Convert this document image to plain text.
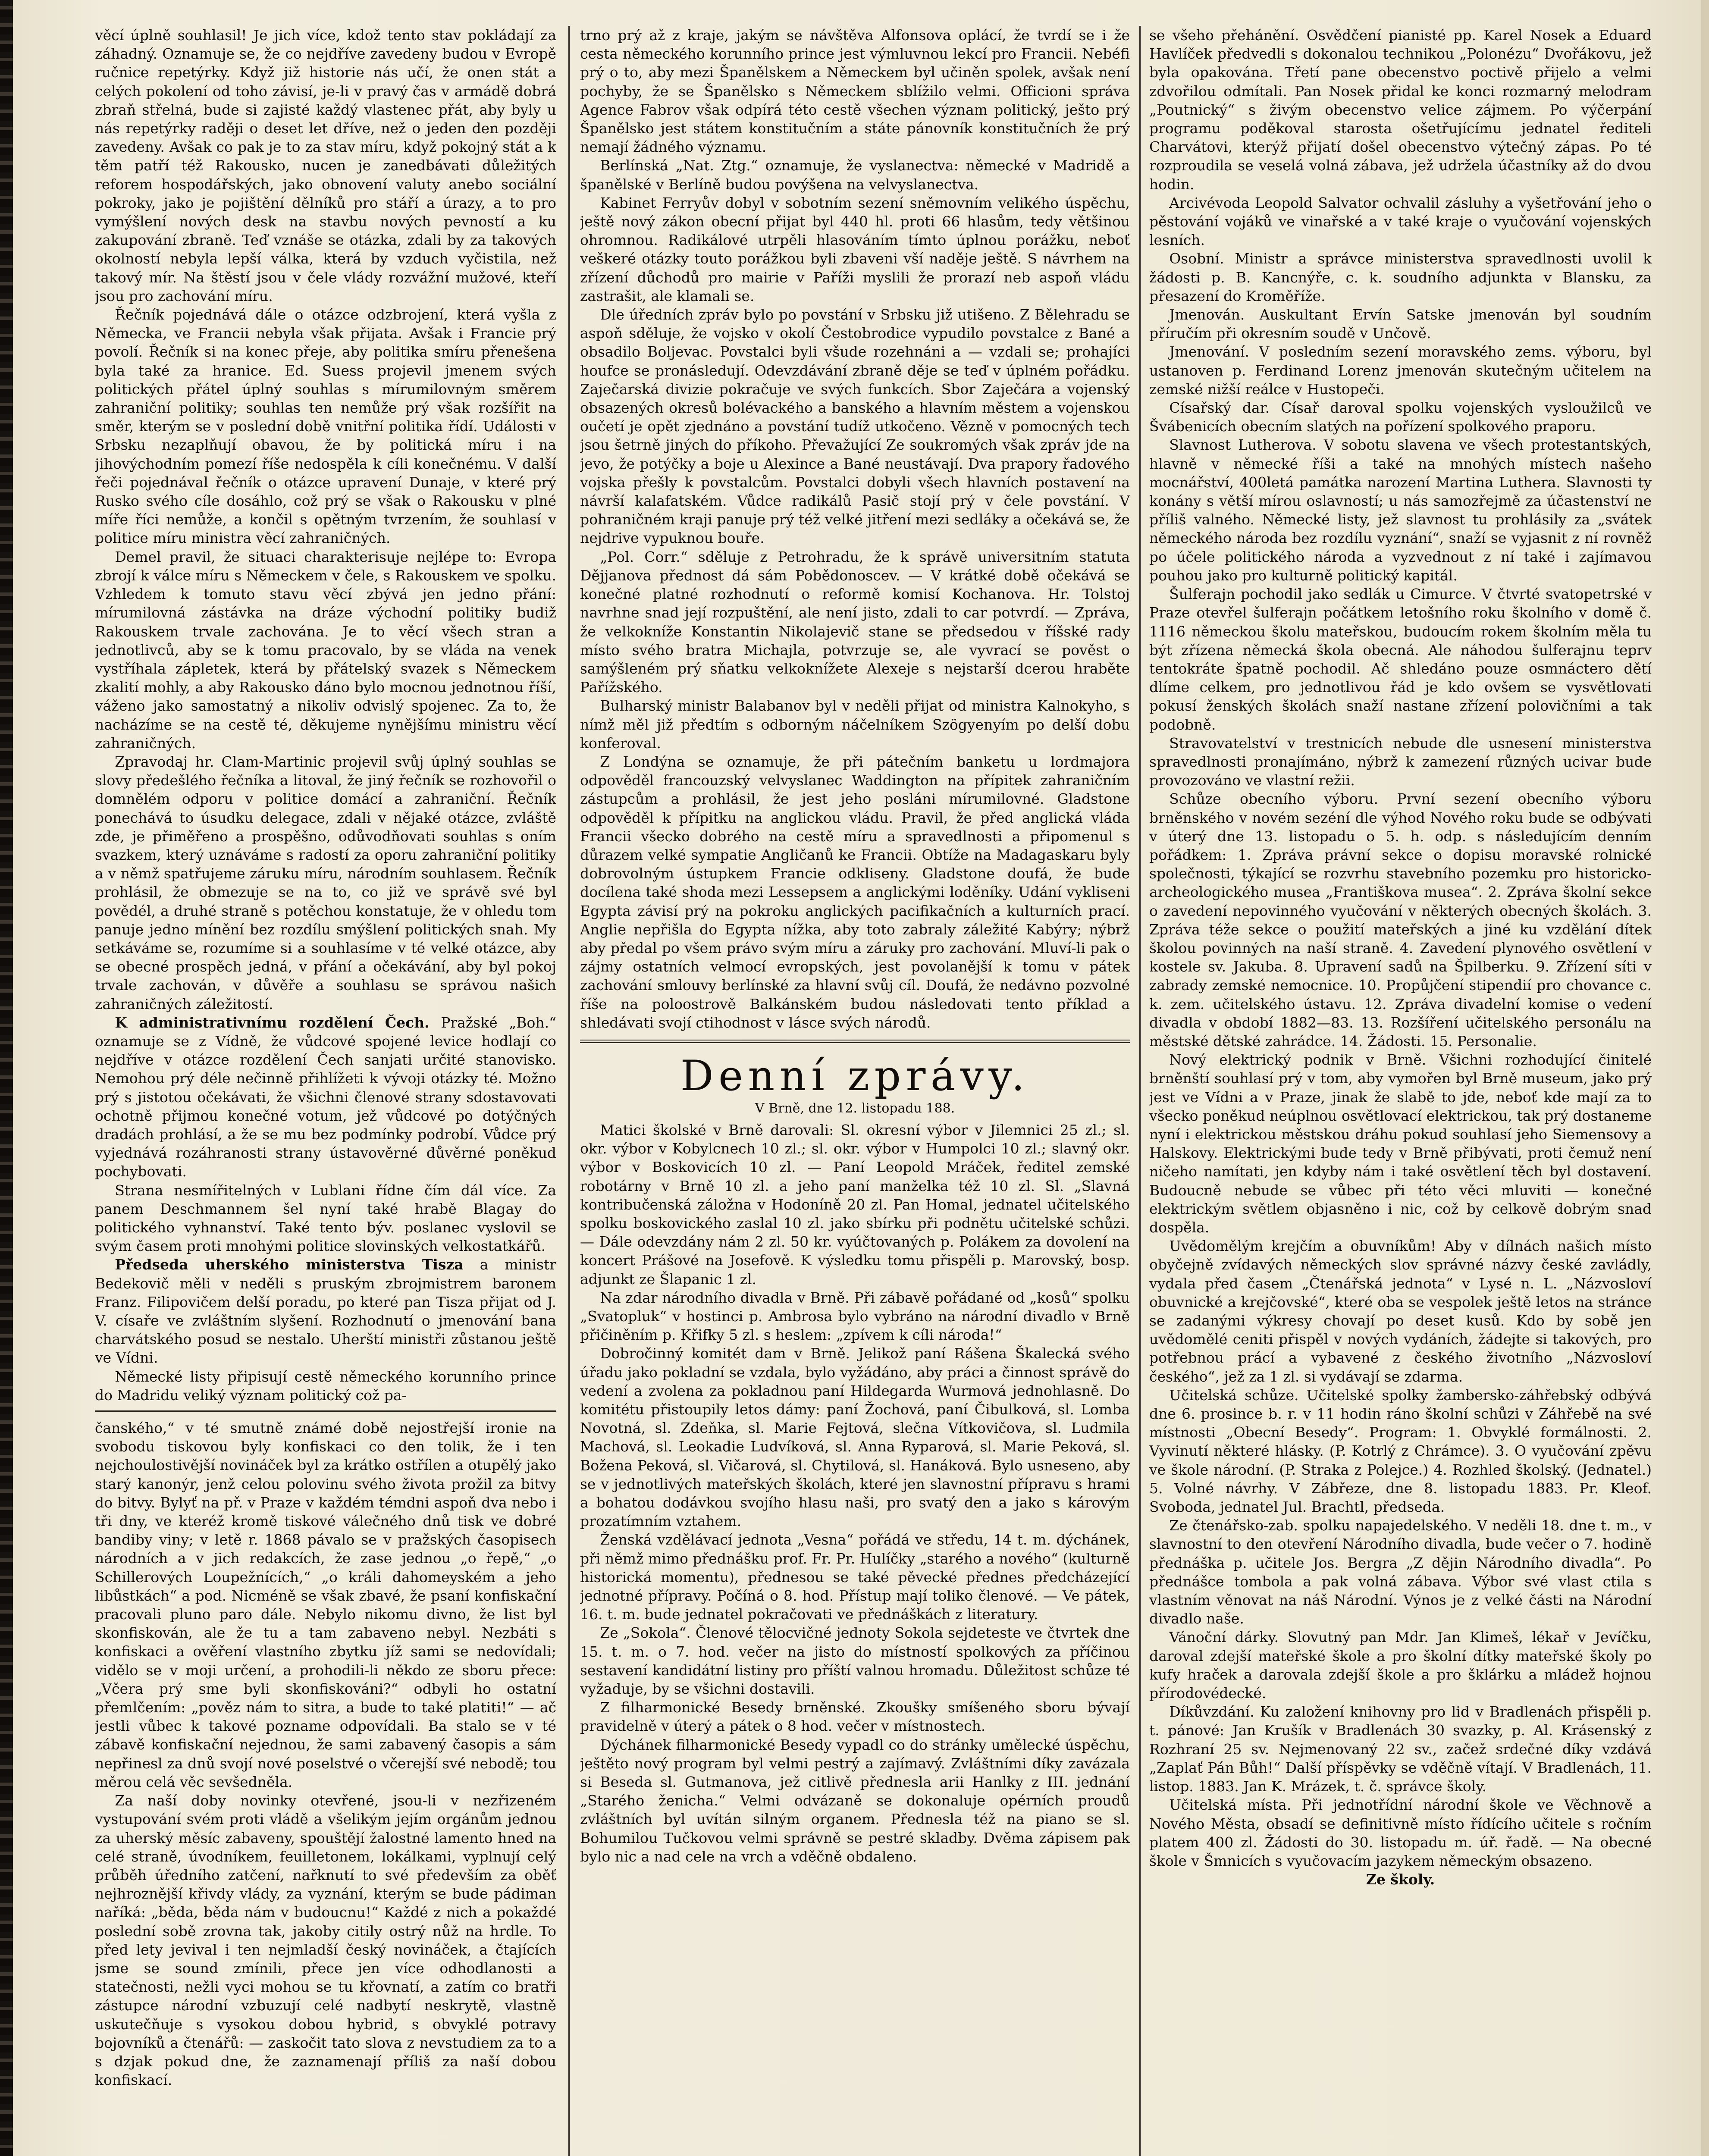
věcí úplně souhlasil! Je jich více, kdož tento stav pokládají za záhadný. Oznamuje se, že co nejdříve zavedeny budou v Evropě ručnice repetýrky. Když již historie nás učí, že onen stát a celých pokolení od toho závisí, je-li v pravý čas v armádě dobrá zbraň střelná, bude si zajisté každý vlastenec přát, aby byly u nás repetýrky raději o deset let dříve, než o jeden den později zavedeny. Avšak co pak je to za stav míru, když pokojný stát a k těm patří též Rakousko, nucen je zanedbávati důležitých reforem hospodářských, jako obnovení valuty anebo sociální pokroky, jako je pojištění dělníků pro stáří a úrazy, a to pro vymýšlení nových desk na stavbu nových pevností a ku zakupování zbraně. Teď vznáše se otázka, zdali by za takových okolností nebyla lepší válka, která by vzduch vyčistila, než takový mír. Na štěstí jsou v čele vlády rozvážní mužové, kteří jsou pro zachování míru.

Řečník pojednává dále o otázce odzbrojení, která vyšla z Německa, ve Francii nebyla však přijata. Avšak i Francie prý povolí. Řečník si na konec přeje, aby politika smíru přenešena byla také za hranice. Ed. Suess projevil jmenem svých politických přátel úplný souhlas s mírumilovným směrem zahraniční politiky; souhlas ten nemůže prý však rozšířit na směr, kterým se v poslední době vnitřní politika řídí. Události v Srbsku nezaplňují obavou, že by politická míru i na jihovýchodním pomezí říše nedospěla k cíli konečnému. V další řeči pojednával řečník o otázce upravení Dunaje, v které prý Rusko svého cíle dosáhlo, což prý se však o Rakousku v plné míře říci nemůže, a končil s opětným tvrzením, že souhlasí v politice míru ministra věcí zahraničných.

Demel pravil, že situaci charakterisuje nejlépe to: Evropa zbrojí k válce míru s Německem v čele, s Rakouskem ve spolku. Vzhledem k tomuto stavu věcí zbývá jen jedno přání: mírumilovná zástávka na dráze východní politiky budiž Rakouskem trvale zachována. Je to věcí všech stran a jednotlivců, aby se k tomu pracovalo, by se vláda na venek vystříhala zápletek, která by přátelský svazek s Německem zkalití mohly, a aby Rakousko dáno bylo mocnou jednotnou říší, váženo jako samostatný a nikoliv odvislý spojenec. Za to, že nacházíme se na cestě té, děkujeme nynějšímu ministru věcí zahraničných.

Zpravodaj hr. Clam-Martinic projevil svůj úplný souhlas se slovy předešlého řečníka a litoval, že jiný řečník se rozhovořil o domnělém odporu v politice domácí a zahraniční. Řečník ponechává to úsudku delegace, zdali v nějaké otázce, zvláště zde, je přiměřeno a prospěšno, odůvodňovati souhlas s oním svazkem, který uznáváme s radostí za oporu zahraniční politiky a v němž spatřujeme záruku míru, národním souhlasem. Řečník prohlásil, že obmezuje se na to, co již ve správě své byl povědél, a druhé straně s potěchou konstatuje, že v ohledu tom panuje jedno mínění bez rozdílu smýšlení politických snah. My setkáváme se, rozumíme si a souhlasíme v té velké otázce, aby se obecné prospěch jedná, v přání a očekávání, aby byl pokoj trvale zachován, v důvěře a souhlasu se správou našich zahraničných záležitostí.

K administrativnímu rozdělení Čech. Pražské „Boh.“ oznamuje se z Vídně, že vůdcové spojené levice hodlají co nejdříve v otázce rozdělení Čech sanjati určité stanovisko. Nemohou prý déle nečinně přihlížeti k vývoji otázky té. Možno prý s jistotou očekávati, že všichni členové strany sdostavovati ochotně přijmou konečné votum, jež vůdcové po dotýčných dradách prohlásí, a že se mu bez podmínky podrobí. Vůdce prý vyjednává rozáhranosti strany ústavověrné důvěrné poněkud pochybovati.

Strana nesmířitelných v Lublani řídne čím dál více. Za panem Deschmannem šel nyní také hrabě Blagay do politického vyhnanství. Také tento býv. poslanec vyslovil se svým časem proti mnohými politice slovinských velkostatkářů.

Předseda uherského ministerstva Tisza a ministr Bedekovič měli v neděli s pruským zbrojmistrem baronem Franz. Filipovičem delší poradu, po které pan Tisza přijat od J. V. císaře ve zvláštním slyšení. Rozhodnutí o jmenování bana charvátského posud se nestalo. Uherští ministři zůstanou ještě ve Vídni.

Německé listy připisují cestě německého korunního prince do Madridu veliký význam politický což pa-

čanského,“ v té smutně známé době nejostřejší ironie na svobodu tiskovou byly konfiskaci co den tolik, že i ten nejchoulostivější novináček byl za krátko ostřílen a otupělý jako starý kanonýr, jenž celou polovinu svého života prožil za bitvy do bitvy. Bylyť na př. v Praze v každém témdni aspoň dva nebo i tři dny, ve kteréž kromě tiskové válečného dnů tisk ve dobré bandiby viny; v letě r. 1868 pávalo se v pražských časopisech národních a v jich redakcích, že zase jednou „o řepě,“ „o Schillerových Loupežnících,“ „o králi dahomeyském a jeho libůstkách“ a pod. Nicméně se však zbavé, že psaní konfiskační pracovali pluno paro dále. Nebylo nikomu divno, že list byl skonfiskován, ale že tu a tam zabaveno nebyl. Nezbáti s konfiskaci a ověření vlastního zbytku jíž sami se nedovídali; vidělo se v moji určení, a prohodili-li někdo ze sboru přece: „Včera prý sme byli skonfiskováni?“ odbyli ho ostatní přemlčením: „pověz nám to sitra, a bude to také platiti!“ — ač jestli vůbec k takové pozname odpovídali. Ba stalo se v té zábavě konfiskační nejednou, že sami zabavený časopis a sám nepřinesl za dnů svojí nové poselstvé o včerejší své nebodě; tou měrou celá věc sevšedněla.

Za naší doby novinky otevřené, jsou-li v nezřizeném vystupování svém proti vládě a všelikým jejím orgánům jednou za uherský měsíc zabaveny, spouštějí žalostné lamento hned na celé straně, úvodníkem, feuilletonem, lokálkami, vyplnují celý průběh úředního zatčení, nařknutí to své především za oběť nejhroznější křivdy vlády, za vyznání, kterým se bude pádiman naříká: „běda, běda nám v budoucnu!“ Každé z nich a pokaždé poslední sobě zrovna tak, jakoby citily ostrý nůž na hrdle. To před lety jevival i ten nejmladší český novináček, a čtajících jsme se sound zmínili, přece jen více odhodlanosti a statečnosti, nežli vyci mohou se tu křovnatí, a zatím co bratři zástupce národní vzbuzují celé nadbytí neskrytě, vlastně uskutečňuje s vysokou dobou hybrid, s obvyklé potravy bojovníků a čtenářů: — zaskočit tato slova z nevstudiem za to a s dzjak pokud dne, že zaznamenají příliš za naší dobou konfiskací.

trno prý až z kraje, jakým se návštěva Alfonsova oplácí, že tvrdí se i že cesta německého korunního prince jest výmluvnou lekcí pro Francii. Nebéfi prý o to, aby mezi Španělskem a Německem byl učiněn spolek, avšak není pochyby, že se Španělsko s Německem sblížilo velmi. Officioni správa Agence Fabrov však odpírá této cestě všechen význam politický, ješto prý Španělsko jest státem konstitučním a státe pánovník konstitučních že prý nemají žádného významu.

Berlínská „Nat. Ztg.“ oznamuje, že vyslanectva: německé v Madridě a španělské v Berlíně budou povýšena na velvyslanectva.

Kabinet Ferryův dobyl v sobotním sezení sněmovním velikého úspěchu, ještě nový zákon obecní přijat byl 440 hl. proti 66 hlasům, tedy většinou ohromnou. Radikálové utrpěli hlasováním tímto úplnou porážku, neboť veškeré otázky touto porážkou byli zbaveni vší naděje ještě. S návrhem na zřízení důchodů pro mairie v Paříži myslili že prorazí neb aspoň vládu zastrašit, ale klamali se.

Dle úředních zpráv bylo po povstání v Srbsku již utišeno. Z Bělehradu se aspoň sděluje, že vojsko v okolí Čestobrodice vypudilo povstalce z Bané a obsadilo Boljevac. Povstalci byli všude rozehnáni a — vzdali se; prohajíci houfce se pronásledují. Odevzdávání zbraně děje se teď v úplném pořádku. Zaječarská divizie pokračuje ve svých funkcích. Sbor Zaječára a vojenský obsazených okresů bolévackého a banského a hlavním městem a vojenskou oučetí je opět zjednáno a povstání tudíž utkočeno. Vězně v pomocných tech jsou šetrně jiných do příkoho. Převažující Ze soukromých však zpráv jde na jevo, že potýčky a boje u Alexince a Bané neustávají. Dva prapory řadového vojska přešly k povstalcům. Povstalci dobyli všech hlavních postavení na návrší kalafatském. Vůdce radikálů Pasič stojí prý v čele povstání. V pohraničném kraji panuje prý též velké jitření mezi sedláky a očekává se, že nejdrive vypuknou bouře.

„Pol. Corr.“ sděluje z Petrohradu, že k správě universitním statuta Dějjanova přednost dá sám Pobědonoscev. — V krátké době očekává se konečné platné rozhodnutí o reformě komisí Kochanova. Hr. Tolstoj navrhne snad její rozpuštění, ale není jisto, zdali to car potvrdí. — Zpráva, že velkokníže Konstantin Nikolajevič stane se předsedou v říšské rady místo svého bratra Michajla, potvrzuje se, ale vyvrací se pověst o samýšleném prý sňatku velkoknížete Alexeje s nejstarší dcerou hraběte Pařížského.

Bulharský ministr Balabanov byl v neděli přijat od ministra Kalnokyho, s nímž měl již předtím s odborným náčelníkem Szögyenyím po delší dobu konferoval.

Z Londýna se oznamuje, že při pátečním banketu u lordmajora odpověděl francouzský velvyslanec Waddington na přípitek zahraničním zástupcům a prohlásil, že jest jeho posláni mírumilovné. Gladstone odpověděl k přípitku na anglickou vládu. Pravil, že před anglická vláda Francii všecko dobrého na cestě míru a spravedlnosti a připomenul s důrazem velké sympatie Angličanů ke Francii. Obtíže na Madagaskaru byly dobrovolným ústupkem Francie odkliseny. Gladstone doufá, že bude docílena také shoda mezi Lessepsem a anglickými loděníky. Udání vykliseni Egypta závisí prý na pokroku anglických pacifikačních a kulturních prací. Anglie nepřišla do Egypta nížka, aby toto zabraly záležité Kabýry; nýbrž aby předal po všem právo svým míru a záruky pro zachování. Mluví-li pak o zájmy ostatních velmocí evropských, jest povolanější k tomu v pátek zachování smlouvy berlínské za hlavní svůj cíl. Doufá, že nedávno pozvolné říše na poloostrově Balkánském budou následovati tento příklad a shledávati svojí ctihodnost v lásce svých národů.

Denní zprávy.
V Brně, dne 12. listopadu 188.

Matici školské v Brně darovali: Sl. okresní výbor v Jilemnici 25 zl.; sl. okr. výbor v Kobylcnech 10 zl.; sl. okr. výbor v Humpolci 10 zl.; slavný okr. výbor v Boskovicích 10 zl. — Paní Leopold Mráček, ředitel zemské robotárny v Brně 10 zl. a jeho paní manželka též 10 zl. Sl. „Slavná kontribučenská záložna v Hodoníně 20 zl. Pan Homal, jednatel učitelského spolku boskovického zaslal 10 zl. jako sbírku při podnětu učitelské schůzi. — Dále odevzdány nám 2 zl. 50 kr. vyúčtovaných p. Polákem za dovolení na koncert Prášové na Josefově. K výsledku tomu přispěli p. Marovský, bosp. adjunkt ze Šlapanic 1 zl.

Na zdar národního divadla v Brně. Při zábavě pořádané od „kosů“ spolku „Svatopluk“ v hostinci p. Ambrosa bylo vybráno na národní divadlo v Brně přičiněním p. Křifky 5 zl. s heslem: „zpívem k cíli národa!“

Dobročinný komitét dam v Brně. Jelikož paní Rášena Škalecká svého úřadu jako pokladní se vzdala, bylo vyžádáno, aby práci a činnost správě do vedení a zvolena za pokladnou paní Hildegarda Wurmová jednohlasně. Do komitétu přistoupily letos dámy: paní Žochová, paní Čibulková, sl. Lomba Novotná, sl. Zdeňka, sl. Marie Fejtová, slečna Vítkovičova, sl. Ludmila Machová, sl. Leokadie Ludvíková, sl. Anna Ryparová, sl. Marie Peková, sl. Božena Peková, sl. Vičarová, sl. Chytilová, sl. Hanáková. Bylo usneseno, aby se v jednotlivých mateřských školách, které jen slavnostní přípravu s hrami a bohatou dodávkou svojího hlasu naši, pro svatý den a jako s károvým prozatímním vztahem.

Ženská vzdělávací jednota „Vesna“ pořádá ve středu, 14 t. m. dýchánek, při němž mimo přednášku prof. Fr. Pr. Hulíčky „starého a nového“ (kulturně historická momentu), přednesou se také pěvecké přednes předcházející jednotné přípravy. Počíná o 8. hod. Přístup mají toliko členové. — Ve pátek, 16. t. m. bude jednatel pokračovati ve přednáškách z literatury.

Ze „Sokola“. Členové tělocvičné jednoty Sokola sejdeteste ve čtvrtek dne 15. t. m. o 7. hod. večer na jisto do místností spolkových za příčinou sestavení kandidátní listiny pro příští valnou hromadu. Důležitost schůze té vyžaduje, by se všichni dostavili.

Z filharmonické Besedy brněnské. Zkoušky smíšeného sboru bývají pravidelně v úterý a pátek o 8 hod. večer v místnostech.

Dýchánek filharmonické Besedy vypadl co do stránky umělecké úspěchu, ještěto nový program byl velmi pestrý a zajímavý. Zvláštními díky zavázala si Beseda sl. Gutmanova, jež citlivě přednesla arii Hanlky z III. jednání „Starého ženicha.“ Velmi odvázaně se dokonaluje opérních proudů zvláštních byl uvítán silným organem. Přednesla též na piano se sl. Bohumilou Tučkovou velmi správně se pestré skladby. Dvěma zápisem pak bylo nic a nad cele na vrch a vděčně obdaleno.

se všeho přehánění. Osvědčení pianisté pp. Karel Nosek a Eduard Havlíček předvedli s dokonalou technikou „Polonézu“ Dvořákovu, jež byla opakována. Třetí pane obecenstvo poctivě přijelo a velmi zdvořilou odmítali. Pan Nosek přidal ke konci rozmarný melodram „Poutnický“ s živým obecenstvo velice zájmem. Po výčerpání programu poděkoval starosta ošetřujícímu jednatel řediteli Charvátovi, kterýž přijatí došel obecenstvo výtečný zápas. Po té rozproudila se veselá volná zábava, jež udržela účastníky až do dvou hodin.

Arcivévoda Leopold Salvator ochvalil zásluhy a vyšetřování jeho o pěstování vojáků ve vinařské a v také kraje o vyučování vojenských lesních.

Osobní. Ministr a správce ministerstva spravedlnosti uvolil k žádosti p. B. Kancnýře, c. k. soudního adjunkta v Blansku, za přesazení do Kroměříže.

Jmenován. Auskultant Ervín Satske jmenován byl soudním příručím při okresním soudě v Unčově.

Jmenování. V posledním sezení moravského zems. výboru, byl ustanoven p. Ferdinand Lorenz jmenován skutečným učitelem na zemské nižší reálce v Hustopeči.

Císařský dar. Císař daroval spolku vojenských vysloužilců ve Švábenicích obecním slatých na pořízení spolkového praporu.

Slavnost Lutherova. V sobotu slavena ve všech protestantských, hlavně v německé říši a také na mnohých místech našeho mocnářství, 400letá památka narození Martina Luthera. Slavnosti ty konány s větší mírou oslavností; u nás samozřejmě za účastenství ne příliš valného. Německé listy, jež slavnost tu prohlásily za „svátek německého národa bez rozdílu vyznání“, snaží se vyjasnit z ní rovněž po účele politického národa a vyzvednout z ní také i zajímavou pouhou jako pro kulturně politický kapitál.

Šulferajn pochodil jako sedlák u Cimurce. V čtvrté svatopetrské v Praze otevřel šulferajn počátkem letošního roku školního v domě č. 1116 německou školu mateřskou, budoucím rokem školním měla tu být zřízena německá škola obecná. Ale náhodou šulferajnu teprv tentokráte špatně pochodil. Ač shledáno pouze osmnáctero dětí dlíme celkem, pro jednotlivou řád je kdo ovšem se vysvětlovati pokusí ženských školách snaží nastane zřízení polovičními a tak podobně.

Stravovatelství v trestnicích nebude dle usnesení ministerstva spravedlnosti pronajímáno, nýbrž k zamezení různých ucivar bude provozováno ve vlastní režii.

Schůze obecního výboru. První sezení obecního výboru brněnského v novém sezéní dle výhod Nového roku bude se odbývati v úterý dne 13. listopadu o 5. h. odp. s následujícím denním pořádkem: 1. Zpráva právní sekce o dopisu moravské rolnické společnosti, týkající se rozvrhu stavebního pozemku pro historicko-archeologického musea „Františkova musea“. 2. Zpráva školní sekce o zavedení nepovinného vyučování v některých obecných školách. 3. Zpráva téže sekce o použití mateřských a jiné ku vzdělání dítek školou povinných na naší straně. 4. Zavedení plynového osvětlení v kostele sv. Jakuba. 8. Upravení sadů na Špilberku. 9. Zřízení síti v zabrady zemské nemocnice. 10. Propůjčení stipendií pro chovance c. k. zem. učitelského ústavu. 12. Zpráva divadelní komise o vedení divadla v období 1882—83. 13. Rozšíření učitelského personálu na městské dětské zahrádce. 14. Žádosti. 15. Personalie.

Nový elektrický podnik v Brně. Všichni rozhodující činitelé brněnští souhlasí prý v tom, aby vymořen byl Brně museum, jako prý jest ve Vídni a v Praze, jinak že slabě to jde, neboť kde mají za to všecko poněkud neúplnou osvětlovací elektrickou, tak prý dostaneme nyní i elektrickou městskou dráhu pokud souhlasí jeho Siemensovy a Halskovy. Elektrickými bude tedy v Brně přibývati, proti čemuž není ničeho namítati, jen kdyby nám i také osvětlení těch byl dostavení. Budoucně nebude se vůbec při této věci mluviti — konečné elektrickým světlem objasněno i nic, což by celkově dobrým snad dospěla.

Uvědomělým krejčím a obuvníkům! Aby v dílnách našich místo obyčejně zvídavých německých slov správné názvy české zavládly, vydala před časem „Čtenářská jednota“ v Lysé n. L. „Názvosloví obuvnické a krejčovské“, které oba se vespolek ještě letos na stránce se zadanými výkresy chovají po deset kusů. Kdo by sobě jen uvědomělé ceniti přispěl v nových vydáních, žádejte si takových, pro potřebnou prácí a vybavené z českého životního „Názvosloví českého“, jež za 1 zl. si vydávají se zdarma.

Učitelská schůze. Učitelské spolky žambersko-záhřebský odbývá dne 6. prosince b. r. v 11 hodin ráno školní schůzi v Záhřebě na své místnosti „Obecní Besedy“. Program: 1. Obvyklé formálnosti. 2. Vyvinutí některé hlásky. (P. Kotrlý z Chrámce). 3. O vyučování zpěvu ve škole národní. (P. Straka z Polejce.) 4. Rozhled školský. (Jednatel.) 5. Volné návrhy. V Zábřeze, dne 8. listopadu 1883. Pr. Kleof. Svoboda, jednatel Jul. Brachtl, předseda.

Ze čtenářsko-zab. spolku napajedelského. V neděli 18. dne t. m., v slavnostní to den otevření Národního divadla, bude večer o 7. hodině přednáška p. učitele Jos. Bergra „Z dějin Národního divadla“. Po přednášce tombola a pak volná zábava. Výbor své vlast ctila s vlastním věnovat na náš Národní. Výnos je z velké části na Národní divadlo naše.

Vánoční dárky. Slovutný pan Mdr. Jan Klimeš, lékař v Jevíčku, daroval zdejší mateřské škole a pro školní dítky mateřské školy po kufy hraček a darovala zdejší škole a pro šklárku a mládež hojnou přírodovédecké.

Díkůvzdání. Ku založení knihovny pro lid v Bradlenách přispěli p. t. pánové: Jan Krušík v Bradlenách 30 svazky, p. Al. Krásenský z Rozhraní 25 sv. Nejmenovaný 22 sv., začež srdečné díky vzdává „Zaplať Pán Bůh!“ Další příspěvky se vděčně vítají. V Bradlenách, 11. listop. 1883. Jan K. Mrázek, t. č. správce školy.

Učitelská místa. Při jednotřídní národní škole ve Věchnově a Nového Města, obsadí se definitivně místo řídícího učitele s ročním platem 400 zl. Žádosti do 30. listopadu m. úř. řadě. — Na obecné škole v Šmnicích s vyučovacím jazykem německým obsazeno.

Ze školy.
